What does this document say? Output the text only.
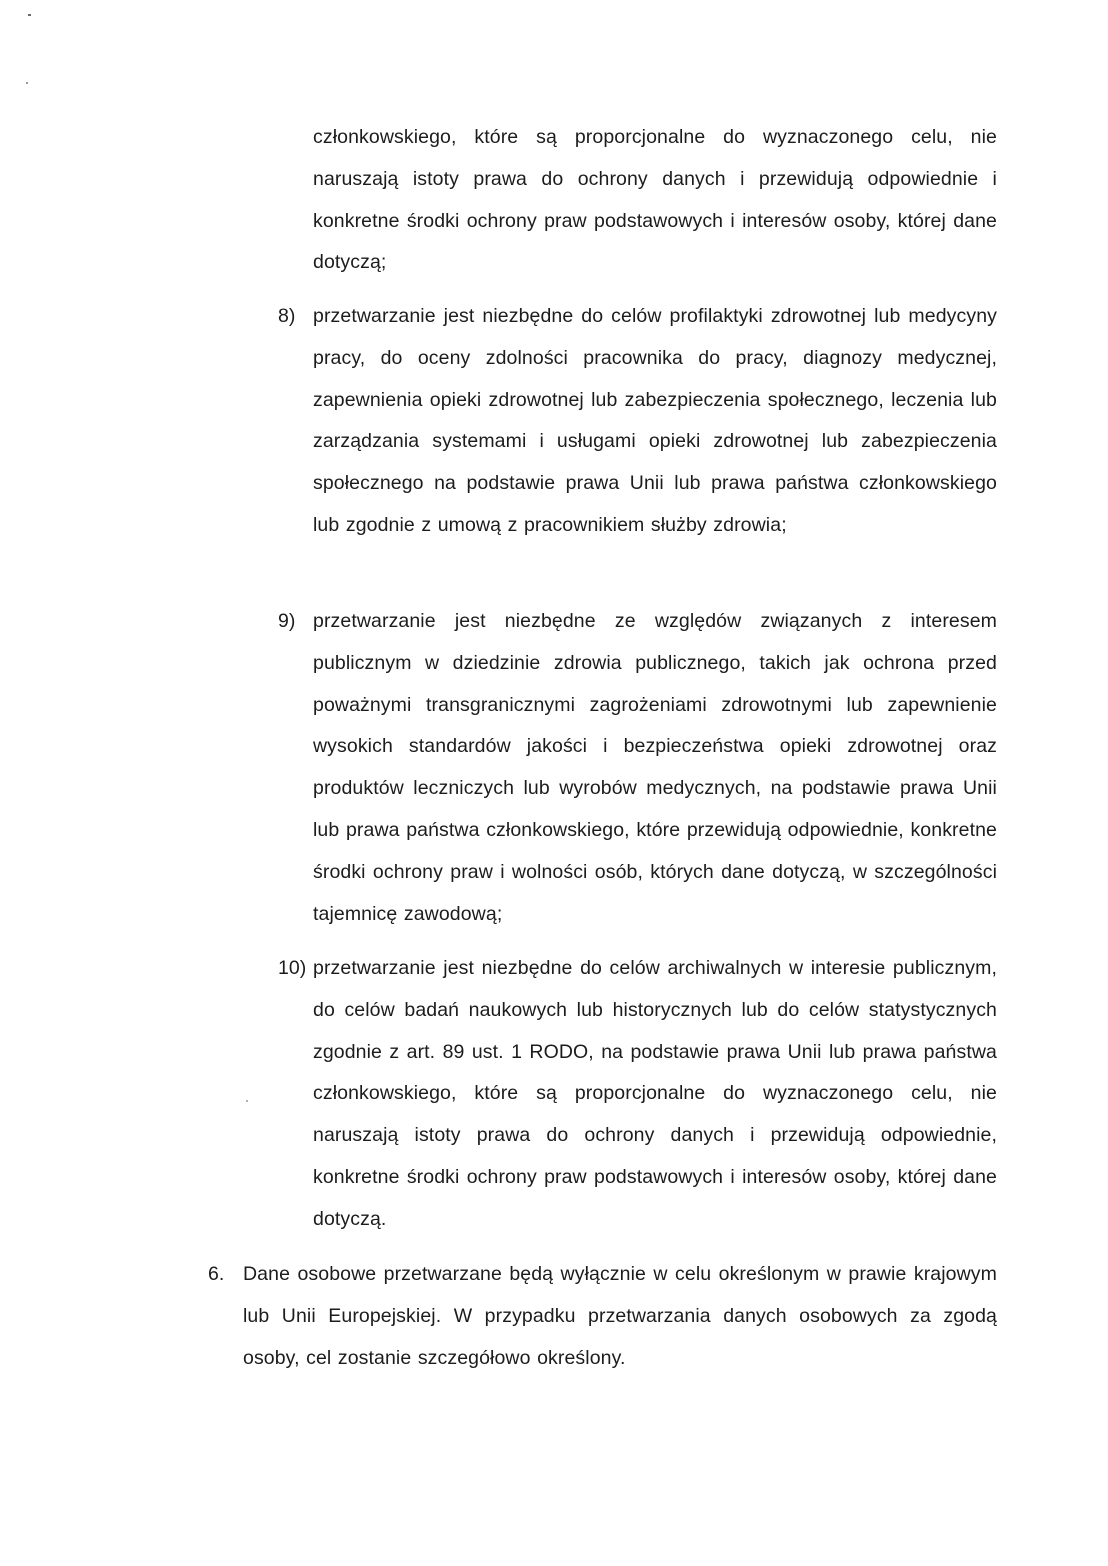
członkowskiego, które są proporcjonalne do wyznaczonego celu, nie naruszają istoty prawa do ochrony danych i przewidują odpowiednie i konkretne środki ochrony praw podstawowych i interesów osoby, której dane dotyczą;
8) przetwarzanie jest niezbędne do celów profilaktyki zdrowotnej lub medycyny pracy, do oceny zdolności pracownika do pracy, diagnozy medycznej, zapewnienia opieki zdrowotnej lub zabezpieczenia społecznego, leczenia lub zarządzania systemami i usługami opieki zdrowotnej lub zabezpieczenia społecznego na podstawie prawa Unii lub prawa państwa członkowskiego lub zgodnie z umową z pracownikiem służby zdrowia;
9) przetwarzanie jest niezbędne ze względów związanych z interesem publicznym w dziedzinie zdrowia publicznego, takich jak ochrona przed poważnymi transgranicznymi zagrożeniami zdrowotnymi lub zapewnienie wysokich standardów jakości i bezpieczeństwa opieki zdrowotnej oraz produktów leczniczych lub wyrobów medycznych, na podstawie prawa Unii lub prawa państwa członkowskiego, które przewidują odpowiednie, konkretne środki ochrony praw i wolności osób, których dane dotyczą, w szczególności tajemnicę zawodową;
10) przetwarzanie jest niezbędne do celów archiwalnych w interesie publicznym, do celów badań naukowych lub historycznych lub do celów statystycznych zgodnie z art. 89 ust. 1 RODO, na podstawie prawa Unii lub prawa państwa członkowskiego, które są proporcjonalne do wyznaczonego celu, nie naruszają istoty prawa do ochrony danych i przewidują odpowiednie, konkretne środki ochrony praw podstawowych i interesów osoby, której dane dotyczą.
6. Dane osobowe przetwarzane będą wyłącznie w celu określonym w prawie krajowym lub Unii Europejskiej. W przypadku przetwarzania danych osobowych za zgodą osoby, cel zostanie szczegółowo określony.
